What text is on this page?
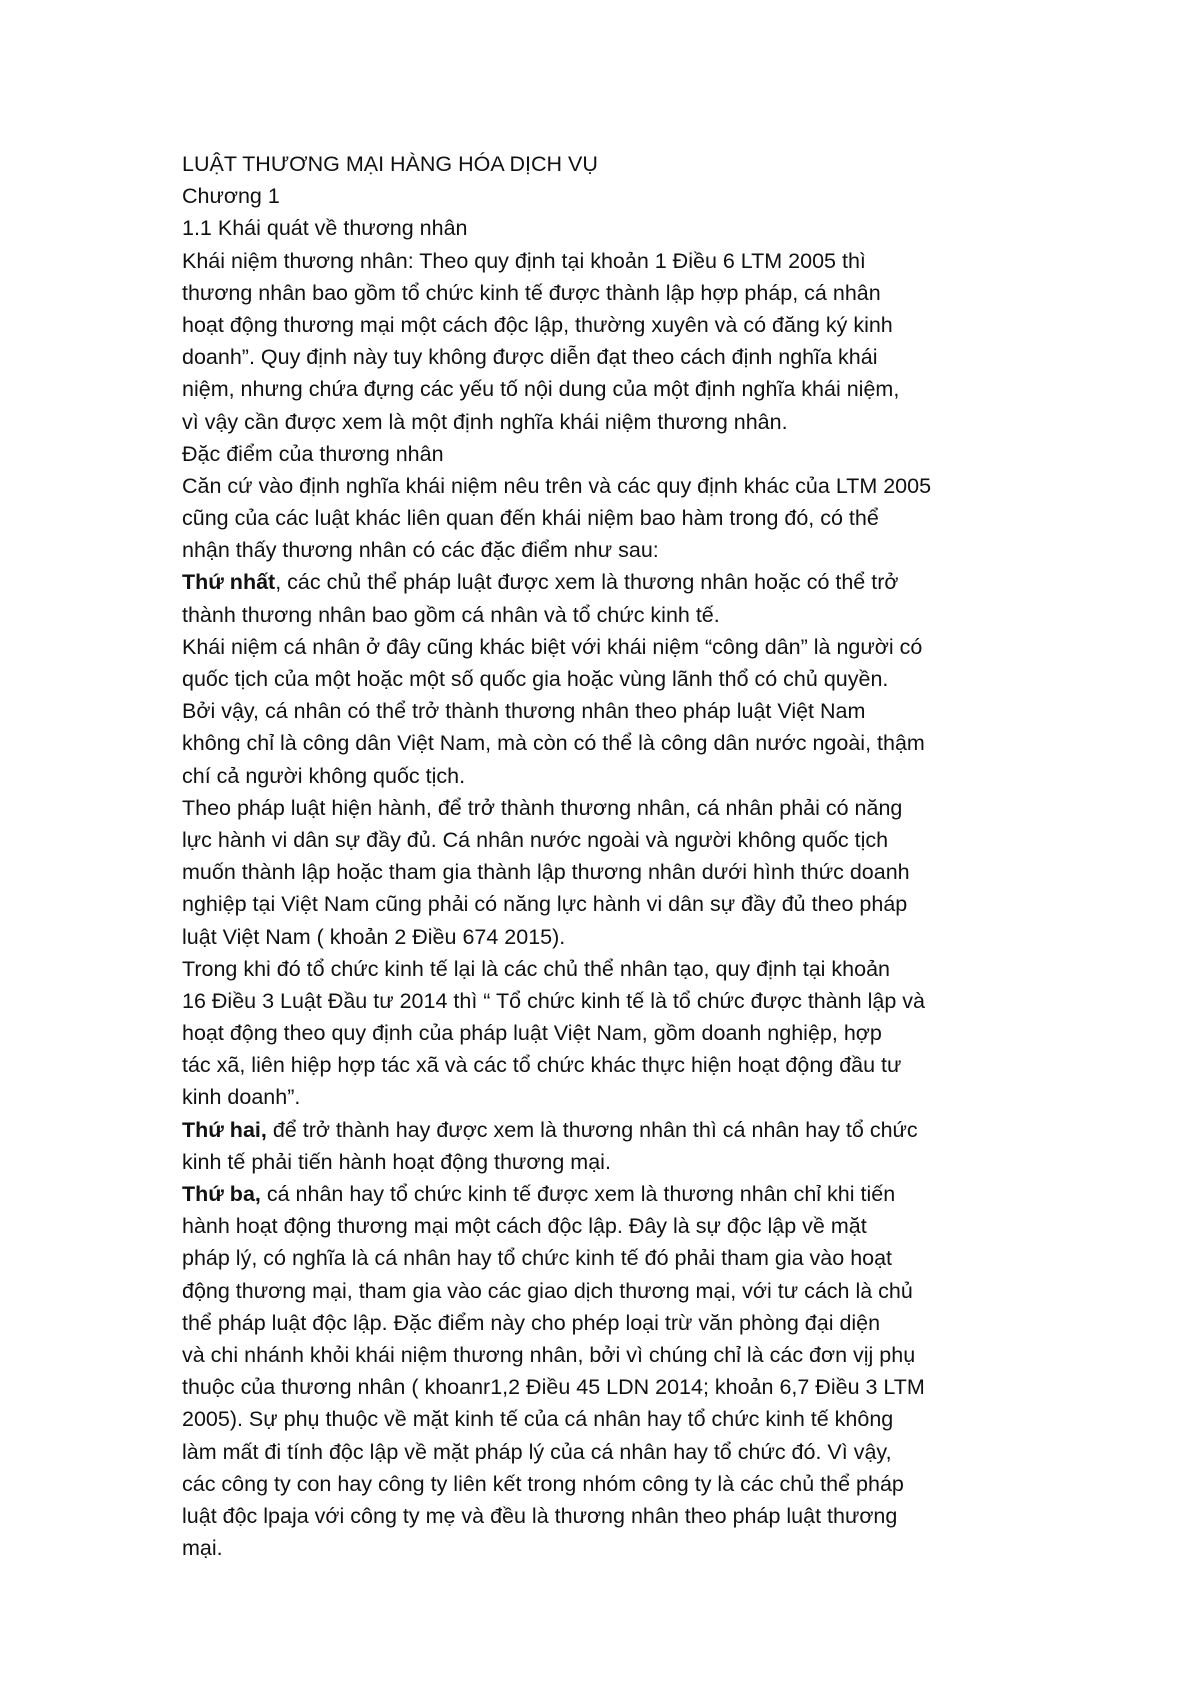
LUẬT THƯƠNG MẠI HÀNG HÓA DỊCH VỤ
Chương 1
1.1 Khái quát về thương nhân
Khái niệm thương nhân: Theo quy định tại khoản 1 Điều 6 LTM 2005 thì
thương nhân bao gồm tổ chức kinh tế được thành lập hợp pháp, cá nhân
hoạt động thương mại một cách độc lập, thường xuyên và có đăng ký kinh
doanh”. Quy định này tuy không được diễn đạt theo cách định nghĩa khái
niệm, nhưng chứa đựng các yếu tố nội dung của một định nghĩa khái niệm,
vì vậy cần được xem là một định nghĩa khái niệm thương nhân.
Đặc điểm của thương nhân
Căn cứ vào định nghĩa khái niệm nêu trên và các quy định khác của LTM 2005
cũng của các luật khác liên quan đến khái niệm bao hàm trong đó, có thể
nhận thấy thương nhân có các đặc điểm như sau:
Thứ nhất, các chủ thể pháp luật được xem là thương nhân hoặc có thể trở
thành thương nhân bao gồm cá nhân và tổ chức kinh tế.
Khái niệm cá nhân ở đây cũng khác biệt với khái niệm “công dân” là người có
quốc tịch của một hoặc một số quốc gia hoặc vùng lãnh thổ có chủ quyền.
Bởi vậy, cá nhân có thể trở thành thương nhân theo pháp luật Việt Nam
không chỉ là công dân Việt Nam, mà còn có thể là công dân nước ngoài, thậm
chí cả người không quốc tịch.
Theo pháp luật hiện hành, để trở thành thương nhân, cá nhân phải có năng
lực hành vi dân sự đầy đủ. Cá nhân nước ngoài và người không quốc tịch
muốn thành lập hoặc tham gia thành lập thương nhân dưới hình thức doanh
nghiệp tại Việt Nam cũng phải có năng lực hành vi dân sự đầy đủ theo pháp
luật Việt Nam ( khoản 2 Điều 674 2015).
Trong khi đó tổ chức kinh tế lại là các chủ thể nhân tạo, quy định tại khoản
16 Điều 3 Luật Đầu tư 2014 thì “ Tổ chức kinh tế là tổ chức được thành lập và
hoạt động theo quy định của pháp luật Việt Nam, gồm doanh nghiệp, hợp
tác xã, liên hiệp hợp tác xã và các tổ chức khác thực hiện hoạt động đầu tư
kinh doanh”.
Thứ hai, để trở thành hay được xem là thương nhân thì cá nhân hay tổ chức
kinh tế phải tiến hành hoạt động thương mại.
Thứ ba, cá nhân hay tổ chức kinh tế được xem là thương nhân chỉ khi tiến
hành hoạt động thương mại một cách độc lập. Đây là sự độc lập về mặt
pháp lý, có nghĩa là cá nhân hay tổ chức kinh tế đó phải tham gia vào hoạt
động thương mại, tham gia vào các giao dịch thương mại, với tư cách là chủ
thể pháp luật độc lập. Đặc điểm này cho phép loại trừ văn phòng đại diện
và chi nhánh khỏi khái niệm thương nhân, bởi vì chúng chỉ là các đơn vịj phụ
thuộc của thương nhân ( khoanr1,2 Điều 45 LDN 2014; khoản 6,7 Điều 3 LTM
2005). Sự phụ thuộc về mặt kinh tế của cá nhân hay tổ chức kinh tế không
làm mất đi tính độc lập về mặt pháp lý của cá nhân hay tổ chức đó. Vì vậy,
các công ty con hay công ty liên kết trong nhóm công ty là các chủ thể pháp
luật độc lpaja với công ty mẹ và đều là thương nhân theo pháp luật thương
mại.
